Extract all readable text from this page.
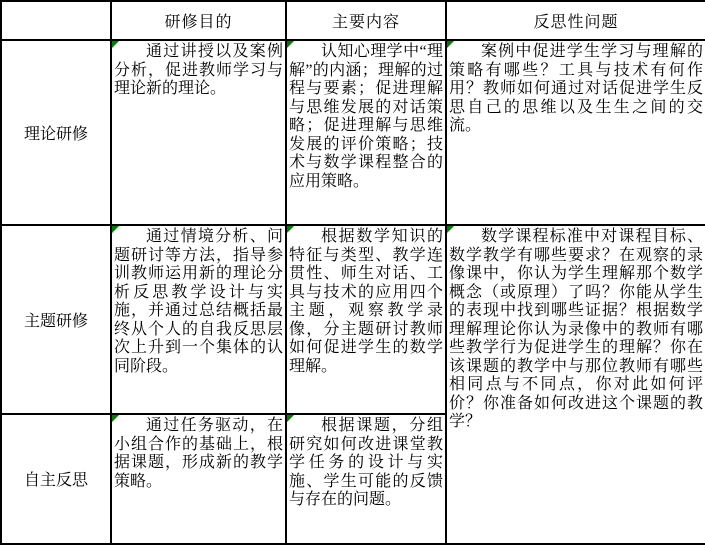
	研修目的	主要内容	反思性问题
理论研修	通过讲授以及案例分析，促进教师学习与理论新的理论。	认知心理学中“理解”的内涵；理解的过程与要素；促进理解与思维发展的对话策略；促进理解与思维发展的评价策略；技术与数学课程整合的应用策略。	案例中促进学生学习与理解的策略有哪些？工具与技术有何作用？教师如何通过对话促进学生反思自己的思维以及生生之间的交流。

主题研修	通过情境分析、问题研讨等方法，指导参训教师运用新的理论分析反思教学设计与实施，并通过总结概括最终从个人的自我反思层次上升到一个集体的认同阶段。	根据数学知识的特征与类型、教学连贯性、师生对话、工具与技术的应用四个主题，观察教学录像，分主题研讨教师如何促进学生的数学理解。	数学课程标准中对课程目标、数学教学有哪些要求？在观察的录像课中，你认为学生理解那个数学概念（或原理）了吗？你能从学生的表现中找到哪些证据？根据数学理解理论你认为录像中的教师有哪些教学行为促进学生的理解？你在该课题的教学中与那位教师有哪些相同点与不同点，你对此如何评价？你准备如何改进这个课题的教学？

自主反思	通过任务驱动，在小组合作的基础上，根据课题，形成新的教学策略。	根据课题，分组研究如何改进课堂教学任务的设计与实施、学生可能的反馈与存在的问题。	
